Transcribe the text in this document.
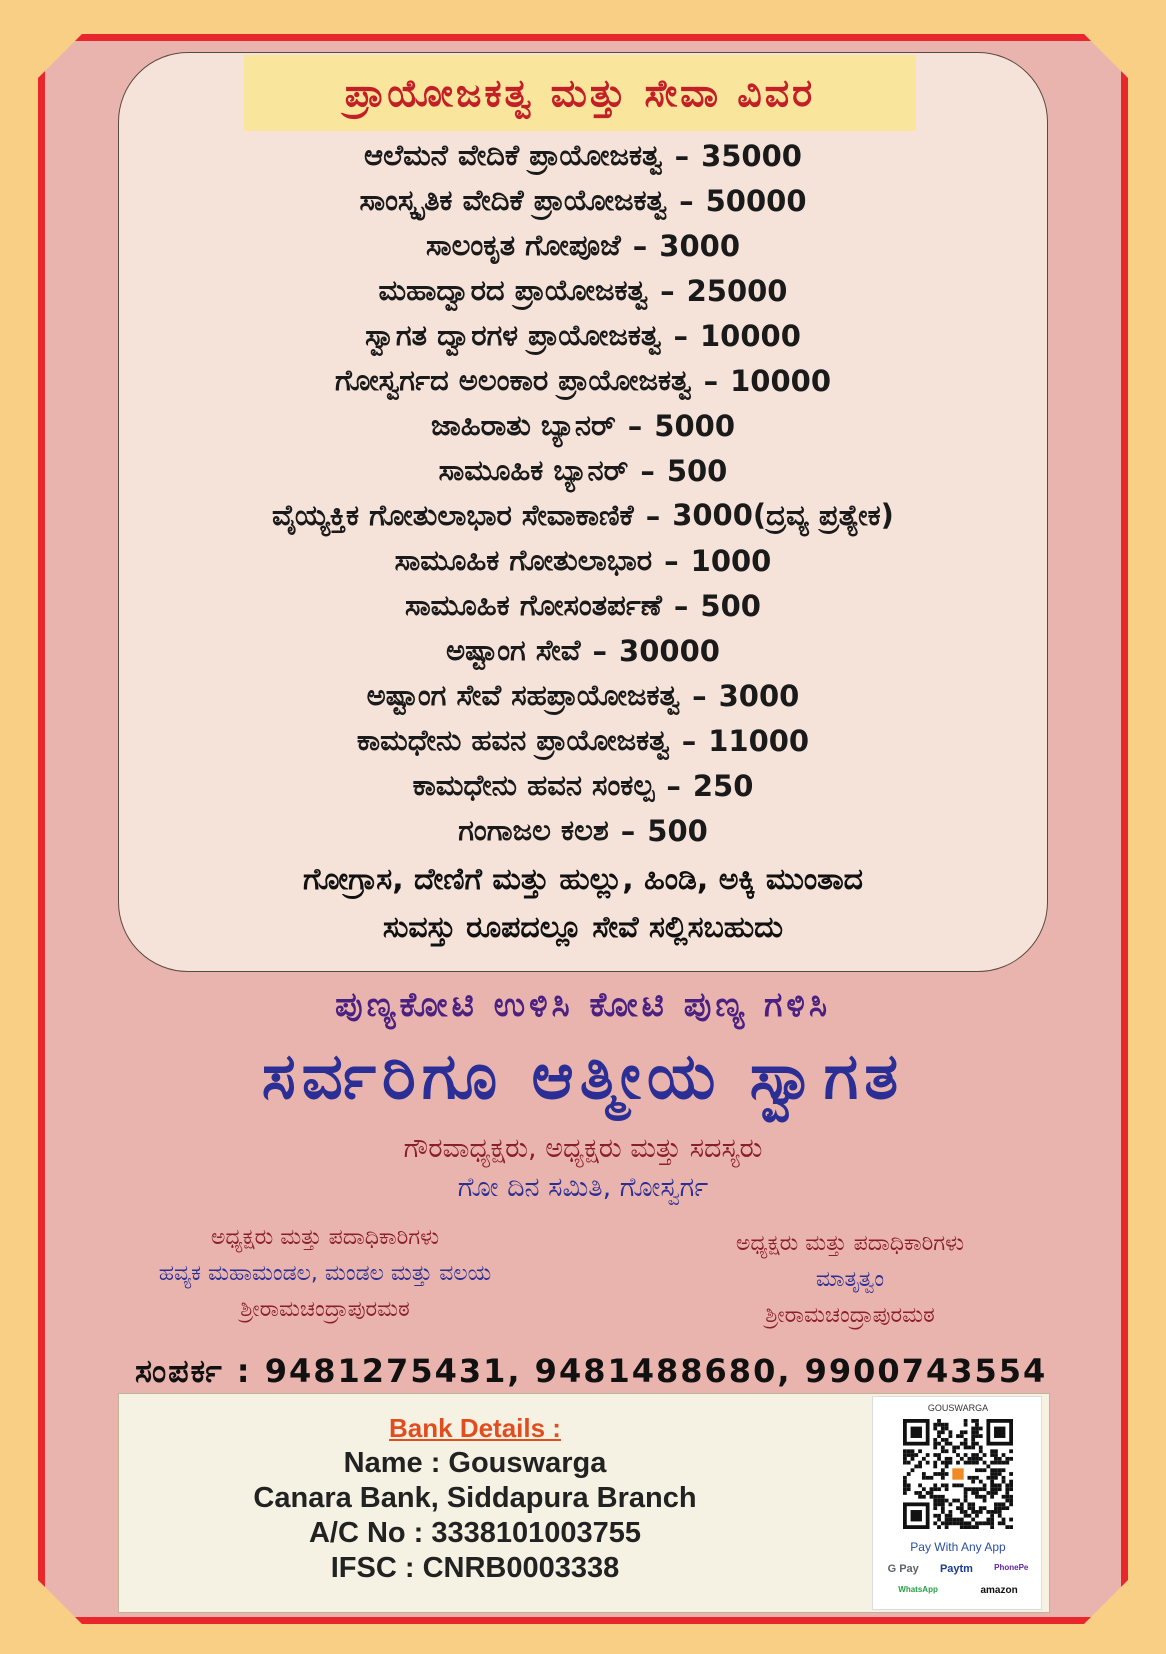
ಪ್ರಾಯೋಜಕತ್ವ ಮತ್ತು ಸೇವಾ ವಿವರ
ಆಲೆಮನೆ ವೇದಿಕೆ ಪ್ರಾಯೋಜಕತ್ವ – 35000
ಸಾಂಸ್ಕೃತಿಕ ವೇದಿಕೆ ಪ್ರಾಯೋಜಕತ್ವ – 50000
ಸಾಲಂಕೃತ ಗೋಪೂಜೆ – 3000
ಮಹಾದ್ವಾರದ ಪ್ರಾಯೋಜಕತ್ವ – 25000
ಸ್ವಾಗತ ದ್ವಾರಗಳ ಪ್ರಾಯೋಜಕತ್ವ – 10000
ಗೋಸ್ವರ್ಗದ ಅಲಂಕಾರ ಪ್ರಾಯೋಜಕತ್ವ – 10000
ಜಾಹಿರಾತು ಬ್ಯಾನರ್ – 5000
ಸಾಮೂಹಿಕ ಬ್ಯಾನರ್ – 500
ವೈಯ್ಯಕ್ತಿಕ ಗೋತುಲಾಭಾರ ಸೇವಾಕಾಣಿಕೆ – 3000(ದ್ರವ್ಯ ಪ್ರತ್ಯೇಕ)
ಸಾಮೂಹಿಕ ಗೋತುಲಾಭಾರ – 1000
ಸಾಮೂಹಿಕ ಗೋಸಂತರ್ಪಣೆ – 500
ಅಷ್ಟಾಂಗ ಸೇವೆ – 30000
ಅಷ್ಟಾಂಗ ಸೇವೆ ಸಹಪ್ರಾಯೋಜಕತ್ವ – 3000
ಕಾಮಧೇನು ಹವನ ಪ್ರಾಯೋಜಕತ್ವ – 11000
ಕಾಮಧೇನು ಹವನ ಸಂಕಲ್ಪ – 250
ಗಂಗಾಜಲ ಕಲಶ – 500
ಗೋಗ್ರಾಸ, ದೇಣಿಗೆ ಮತ್ತು ಹುಲ್ಲು, ಹಿಂಡಿ, ಅಕ್ಕಿ ಮುಂತಾದ
ಸುವಸ್ತು ರೂಪದಲ್ಲೂ ಸೇವೆ ಸಲ್ಲಿಸಬಹುದು
ಪುಣ್ಯಕೋಟಿ ಉಳಿಸಿ ಕೋಟಿ ಪುಣ್ಯ ಗಳಿಸಿ
ಸರ್ವರಿಗೂ ಆತ್ಮೀಯ ಸ್ವಾಗತ
ಗೌರವಾಧ್ಯಕ್ಷರು, ಅಧ್ಯಕ್ಷರು ಮತ್ತು ಸದಸ್ಯರು
ಗೋ ದಿನ ಸಮಿತಿ, ಗೋಸ್ವರ್ಗ
ಅಧ್ಯಕ್ಷರು ಮತ್ತು ಪದಾಧಿಕಾರಿಗಳು
ಹವ್ಯಕ ಮಹಾಮಂಡಲ, ಮಂಡಲ ಮತ್ತು ವಲಯ
ಶ್ರೀರಾಮಚಂದ್ರಾಪುರಮಠ
ಅಧ್ಯಕ್ಷರು ಮತ್ತು ಪದಾಧಿಕಾರಿಗಳು
ಮಾತೃತ್ವಂ
ಶ್ರೀರಾಮಚಂದ್ರಾಪುರಮಠ
ಸಂಪರ್ಕ : 9481275431, 9481488680, 9900743554
Bank Details :
Name : Gouswarga
Canara Bank, Siddapura Branch
A/C No : 3338101003755
IFSC : CNRB0003338
GOUSWARGA
Pay With Any App
G Pay Paytm	PhonePe
WhatsApp	amazon
